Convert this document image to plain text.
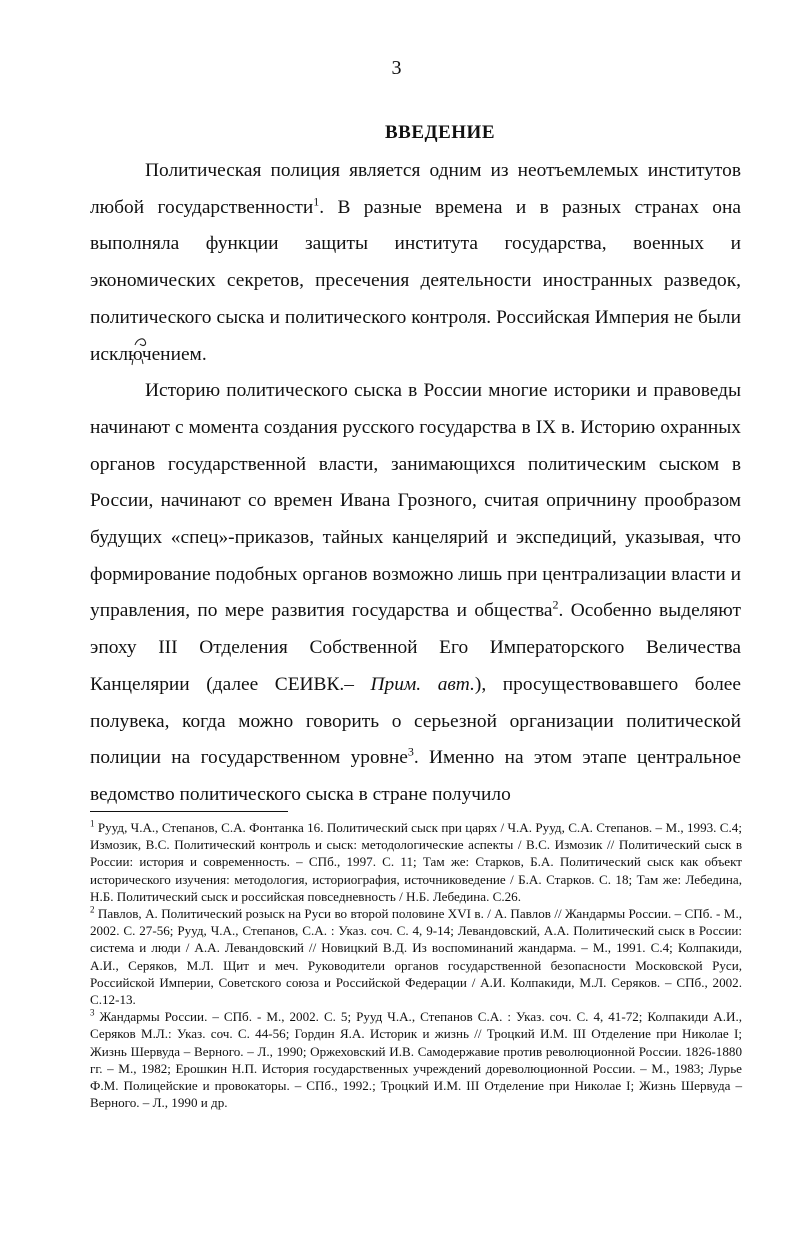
3
ВВЕДЕНИЕ

Политическая полиция является одним из неотъемлемых институтов любой государственности$^1$. В разные времена и в разных странах она выполняла функции защиты института государства, военных и экономических секретов, пресечения деятельности иностранных разведок, политического сыска и политического контроля. Российская Империя не были исключением.

Историю политического сыска в России многие историки и правоведы начинают с момента создания русского государства в IX в. Историю охранных органов государственной власти, занимающихся политическим сыском в России, начинают со времен Ивана Грозного, считая опричнину прообразом будущих «спец»-приказов, тайных канцелярий и экспедиций, указывая, что формирование подобных органов возможно лишь при централизации власти и управления, по мере развития государства и общества$^2$. Особенно выделяют эпоху III Отделения Собственной Его Императорского Величества Канцелярии (далее СЕИВК.– Прим. авт.), просуществовавшего более полувека, когда можно говорить о серьезной организации политической полиции на государственном уровне$^3$. Именно на этом этапе центральное ведомство политического сыска в стране получило

$^1$ Рууд, Ч.А., Степанов, С.А. Фонтанка 16. Политический сыск при царях / Ч.А. Рууд, С.А. Степанов. – М., 1993. С.4; Измозик, В.С. Политический контроль и сыск: методологические аспекты / В.С. Измозик // Политический сыск в России: история и современность. – СПб., 1997. С. 11; Там же: Старков, Б.А. Политический сыск как объект исторического изучения: методология, историография, источниковедение / Б.А. Старков. С. 18; Там же: Лебедина, Н.Б. Политический сыск и российская повседневность / Н.Б. Лебедина. С.26.

$^2$ Павлов, А. Политический розыск на Руси во второй половине XVI в. / А. Павлов // Жандармы России. – СПб. - М., 2002. С. 27-56; Рууд, Ч.А., Степанов, С.А. : Указ. соч. С. 4, 9-14; Левандовский, А.А. Политический сыск в России: система и люди / А.А. Левандовский // Новицкий В.Д. Из воспоминаний жандарма. – М., 1991. С.4; Колпакиди, А.И., Серяков, М.Л. Щит и меч. Руководители органов государственной безопасности Московской Руси, Российской Империи, Советского союза и Российской Федерации / А.И. Колпакиди, М.Л. Серяков. – СПб., 2002. С.12-13.

$^3$ Жандармы России. – СПб. - М., 2002. С. 5; Рууд Ч.А., Степанов С.А. : Указ. соч. С. 4, 41-72; Колпакиди А.И., Серяков М.Л.: Указ. соч. С. 44-56; Гордин Я.А. Историк и жизнь // Троцкий И.М. III Отделение при Николае I; Жизнь Шервуда – Верного. – Л., 1990; Оржеховский И.В. Самодержавие против революционной России. 1826-1880 гг. – М., 1982; Ерошкин Н.П. История государственных учреждений дореволюционной России. – М., 1983; Лурье Ф.М. Полицейские и провокаторы. – СПб., 1992.; Троцкий И.М. III Отделение при Николае I; Жизнь Шервуда – Верного. – Л., 1990 и др.
